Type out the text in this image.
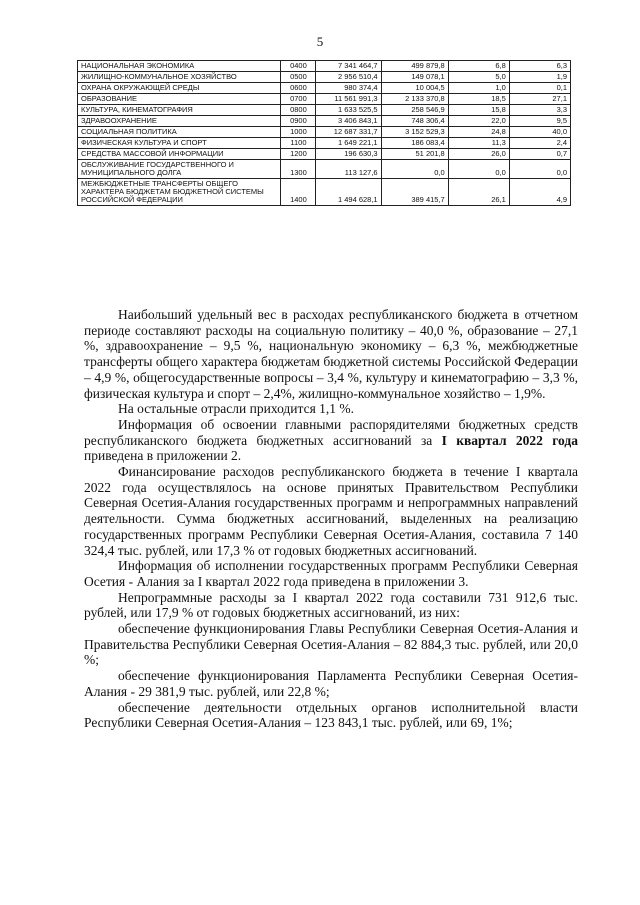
5
НАЦИОНАЛЬНАЯ ЭКОНОМИКА	0400	7 341 464,7	499 879,8	6,8	6,3
ЖИЛИЩНО-КОММУНАЛЬНОЕ ХОЗЯЙСТВО	0500	2 956 510,4	149 078,1	5,0	1,9
ОХРАНА ОКРУЖАЮЩЕЙ СРЕДЫ	0600	980 374,4	10 004,5	1,0	0,1
ОБРАЗОВАНИЕ	0700	11 561 991,3	2 133 370,8	18,5	27,1
КУЛЬТУРА, КИНЕМАТОГРАФИЯ	0800	1 633 525,5	258 546,9	15,8	3,3
ЗДРАВООХРАНЕНИЕ	0900	3 406 843,1	748 306,4	22,0	9,5
СОЦИАЛЬНАЯ ПОЛИТИКА	1000	12 687 331,7	3 152 529,3	24,8	40,0
ФИЗИЧЕСКАЯ КУЛЬТУРА И СПОРТ	1100	1 649 221,1	186 083,4	11,3	2,4
СРЕДСТВА МАССОВОЙ ИНФОРМАЦИИ	1200	196 630,3	51 201,8	26,0	0,7
ОБСЛУЖИВАНИЕ ГОСУДАРСТВЕННОГО И МУНИЦИПАЛЬНОГО ДОЛГА	1300	113 127,6	0,0	0,0	0,0
МЕЖБЮДЖЕТНЫЕ ТРАНСФЕРТЫ ОБЩЕГО ХАРАКТЕРА БЮДЖЕТАМ БЮДЖЕТНОЙ СИСТЕМЫ РОССИЙСКОЙ ФЕДЕРАЦИИ	1400	1 494 628,1	389 415,7	26,1	4,9

Наибольший удельный вес в расходах республиканского бюджета в отчетном периоде составляют расходы на социальную политику – 40,0 %, образование – 27,1 %, здравоохранение – 9,5 %, национальную экономику – 6,3 %, межбюджетные трансферты общего характера бюджетам бюджетной системы Российской Федерации – 4,9 %, общегосударственные вопросы – 3,4 %, культуру и кинематографию – 3,3 %, физическая культура и спорт – 2,4%, жилищно-коммунальное хозяйство – 1,9%.

На остальные отрасли приходится 1,1 %.

Информация об освоении главными распорядителями бюджетных средств республиканского бюджета бюджетных ассигнований за I квартал 2022 года приведена в приложении 2.

Финансирование расходов республиканского бюджета в течение I квартала 2022 года осуществлялось на основе принятых Правительством Республики Северная Осетия-Алания государственных программ и непрограммных направлений деятельности. Сумма бюджетных ассигнований, выделенных на реализацию государственных программ Республики Северная Осетия-Алания, составила 7 140 324,4 тыс. рублей, или 17,3 % от годовых бюджетных ассигнований.

Информация об исполнении государственных программ Республики Северная Осетия - Алания за I квартал 2022 года приведена в приложении 3.

Непрограммные расходы за I квартал 2022 года составили 731 912,6 тыс. рублей, или 17,9 % от годовых бюджетных ассигнований, из них:

обеспечение функционирования Главы Республики Северная Осетия-Алания и Правительства Республики Северная Осетия-Алания – 82 884,3 тыс. рублей, или 20,0 %;

обеспечение функционирования Парламента Республики Северная Осетия-Алания - 29 381,9 тыс. рублей, или 22,8 %;

обеспечение деятельности отдельных органов исполнительной власти Республики Северная Осетия-Алания – 123 843,1 тыс. рублей, или 69, 1%;
